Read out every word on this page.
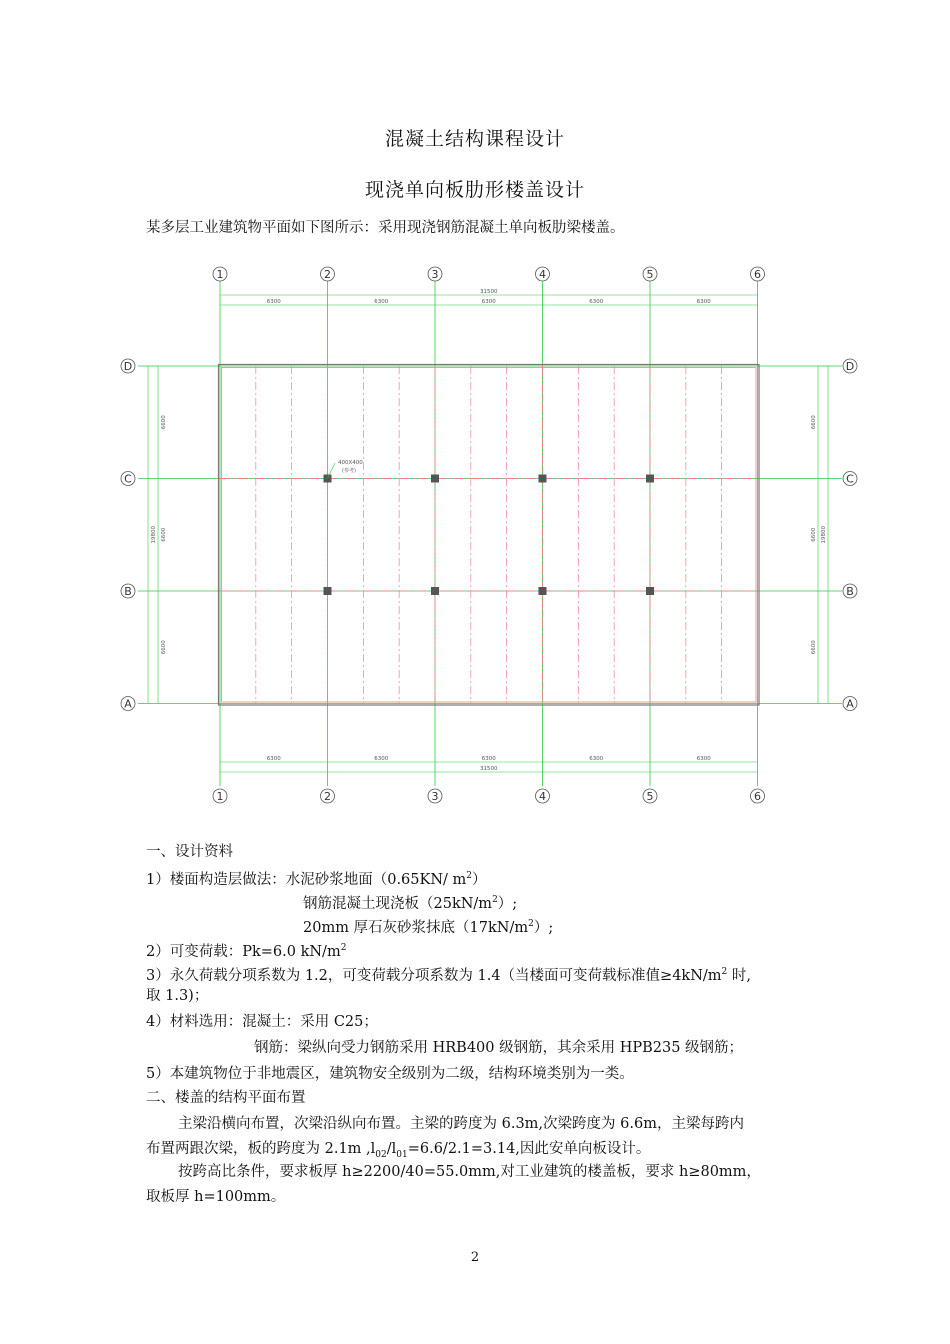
混凝土结构课程设计
现浇单向板肋形楼盖设计
某多层工业建筑物平面如下图所示：采用现浇钢筋混凝土单向板肋梁楼盖。
400X400
(参考)
1
1
2
2
3
3
4
4
5
5
6
6
D	D
C	C
B	B
A	A
31500
6300	6300	6300	6300	6300
6300	6300	6300	6300	6300
31500
19800
6600
6600
6600
6600
6600
6600
19800
一、设计资料
1）楼面构造层做法：水泥砂浆地面（0.65KN/ $m^2$）
钢筋混凝土现浇板$(25kN/m^2)$;
20mm 厚石灰砂浆抹底$(17kN/m^2)$;
2）可变荷载：Pk=6.0 $kN/m^2$
3）永久荷载分项系数为 1.2，可变荷载分项系数为 1.4（当楼面可变荷载标准值$\ge 4kN/m^2$ 时,
取 1.3)；
4）材料选用：混凝土：采用 C25；
钢筋：梁纵向受力钢筋采用 HRB400 级钢筋，其余采用 HPB235 级钢筋；
5）本建筑物位于非地震区，建筑物安全级别为二级，结构环境类别为一类。
二、楼盖的结构平面布置
主梁沿横向布置，次梁沿纵向布置。主梁的跨度为 6.3m,次梁跨度为 6.6m，主梁每跨内
布置两跟次梁，板的跨度为 2.1m $,l_{02}/l_{01}=6.6/2.1=3.14$,因此安单向板设计。
按跨高比条件，要求板厚 h≥2200/40=55.0mm,对工业建筑的楼盖板，要求 h≥80mm，
取板厚 h=100mm。
2
